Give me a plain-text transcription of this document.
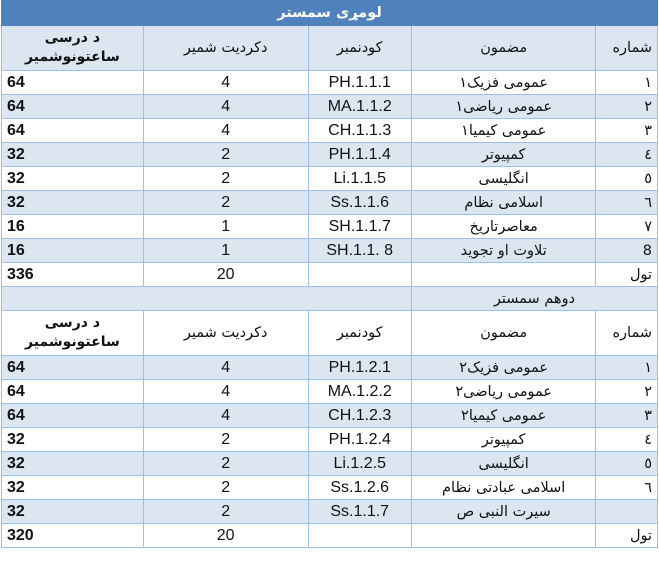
لومړی سمستر				
شماره	مضمون	کودنمبر	دکردیت شمیر	د درسی
ساعتونوشمیر
۱	عمومی فزیک۱	PH.1.1.1	4	64
۲	عمومی ریاضی۱	MA.1.1.2	4	64
۳	عمومی کیمیا۱	CH.1.1.3	4	64
٤	کمپیوتر	PH.1.1.4	2	32
٥	انگلیسی	Li.1.1.5	2	32
٦	اسلامی نظام	Ss.1.1.6	2	32
۷	معاصرتاریخ	SH.1.1.7	1	16
8	تلاوت او تجوید	SH.1.1. 8	1	16
تول			20	336
دوهم سمستر				
شماره	مضمون	کودنمبر	دکردیت شمیر	د درسی
ساعتونوشمیر
۱	عمومی فزیک۲	PH.1.2.1	4	64
۲	عمومی ریاضی۲	MA.1.2.2	4	64
۳	عمومی کیمیا۲	CH.1.2.3	4	64
٤	کمپیوتر	PH.1.2.4	2	32
٥	انگلیسی	Li.1.2.5	2	32
٦	اسلامی عبادتی نظام	Ss.1.2.6	2	32
	سیرت النبی ص	Ss.1.1.7	2	32
تول			20	320
